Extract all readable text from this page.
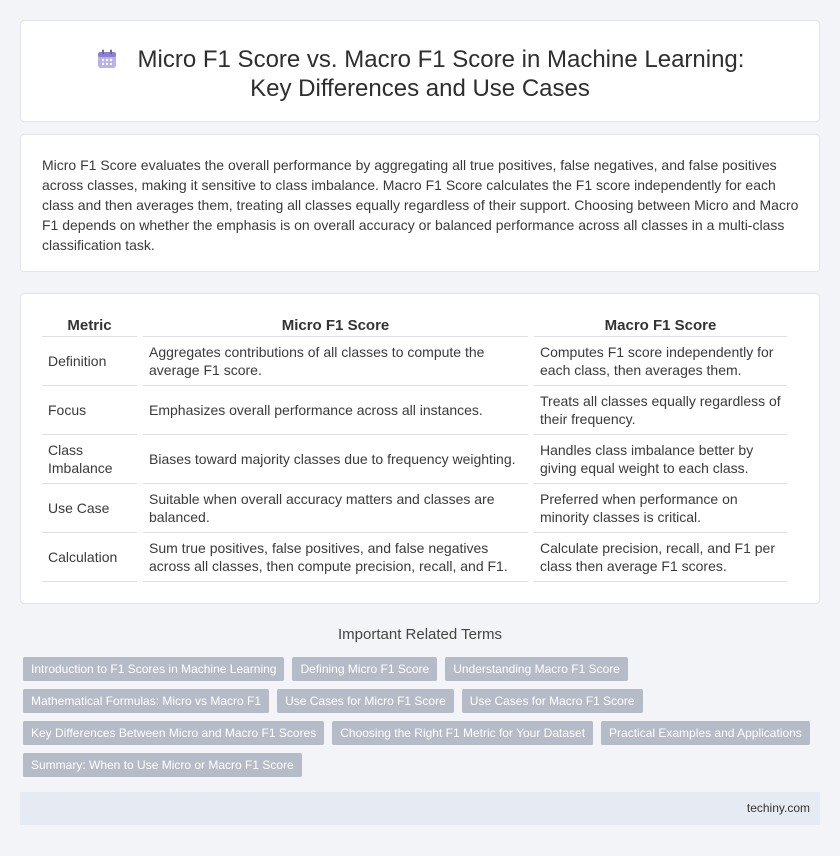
Micro F1 Score vs. Macro F1 Score in Machine Learning: Key Differences and Use Cases

Micro F1 Score evaluates the overall performance by aggregating all true positives, false negatives, and false positives across classes, making it sensitive to class imbalance. Macro F1 Score calculates the F1 score independently for each class and then averages them, treating all classes equally regardless of their support. Choosing between Micro and Macro F1 depends on whether the emphasis is on overall accuracy or balanced performance across all classes in a multi-class classification task.

Metric	Micro F1 Score	Macro F1 Score
Definition	Aggregates contributions of all classes to compute the average F1 score.	Computes F1 score independently for each class, then averages them.
Focus	Emphasizes overall performance across all instances.	Treats all classes equally regardless of their frequency.
Class Imbalance	Biases toward majority classes due to frequency weighting.	Handles class imbalance better by giving equal weight to each class.
Use Case	Suitable when overall accuracy matters and classes are balanced.	Preferred when performance on minority classes is critical.
Calculation	Sum true positives, false positives, and false negatives across all classes, then compute precision, recall, and F1.	Calculate precision, recall, and F1 per class then average F1 scores.
Important Related Terms
Introduction to F1 Scores in Machine Learning	Defining Micro F1 Score	Understanding Macro F1 Score
Mathematical Formulas: Micro vs Macro F1	Use Cases for Micro F1 Score	Use Cases for Macro F1 Score
Key Differences Between Micro and Macro F1 Scores	Choosing the Right F1 Metric for Your Dataset	Practical Examples and Applications
Summary: When to Use Micro or Macro F1 Score
techiny.com
